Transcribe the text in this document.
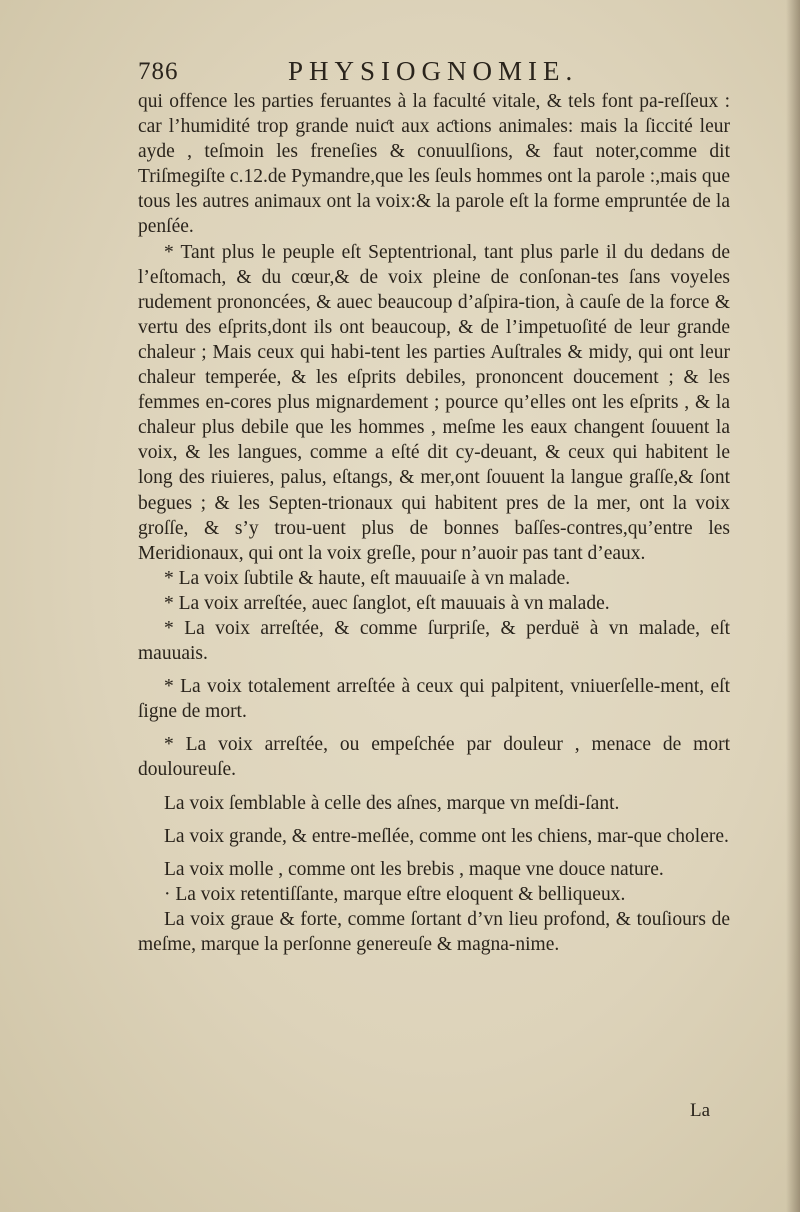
786	PHYSIOGNOMIE.

qui offence les parties feruantes à la faculté vitale, & tels font pa-reſſeux : car l’humidité trop grande nuiƈt aux aƈtions animales: mais la ſiccité leur ayde , teſmoin les freneſies & conuulſions, & faut noter,comme dit Triſmegiſte c.12.de Pymandre,que les ſeuls hommes ont la parole :,mais que tous les autres animaux ont la voix:& la parole eſt la forme empruntée de la penſée.

* Tant plus le peuple eſt Septentrional, tant plus parle il du dedans de l’eſtomach, & du cœur,& de voix pleine de conſonan-tes ſans voyeles rudement prononcées, & auec beaucoup d’aſpira-tion, à cauſe de la force & vertu des eſprits,dont ils ont beaucoup, & de l’impetuoſité de leur grande chaleur ; Mais ceux qui habi-tent les parties Auſtrales & midy, qui ont leur chaleur temperée, & les eſprits debiles, prononcent doucement ; & les femmes en-cores plus mignardement ; pource qu’elles ont les eſprits , & la chaleur plus debile que les hommes , meſme les eaux changent ſouuent la voix, & les langues, comme a eſté dit cy-deuant, & ceux qui habitent le long des riuieres, palus, eſtangs, & mer,ont ſouuent la langue graſſe,& ſont begues ; & les Septen-trionaux qui habitent pres de la mer, ont la voix groſſe, & s’y trou-uent plus de bonnes baſſes-contres,qu’entre les Meridionaux, qui ont la voix greſle, pour n’auoir pas tant d’eaux.

* La voix ſubtile & haute, eſt mauuaiſe à vn malade.

* La voix arreſtée, auec ſanglot, eſt mauuais à vn malade.

* La voix arreſtée, & comme ſurpriſe, & perduë à vn malade, eſt mauuais.

* La voix totalement arreſtée à ceux qui palpitent, vniuerſelle-ment, eſt ſigne de mort.

* La voix arreſtée, ou empeſchée par douleur , menace de mort douloureuſe.

La voix ſemblable à celle des aſnes, marque vn meſdi-ſant.

La voix grande, & entre-meſlée, comme ont les chiens, mar-que cholere.

La voix molle , comme ont les brebis , maque vne douce nature.

· La voix retentiſſante, marque eſtre eloquent & belliqueux.

La voix graue & forte, comme ſortant d’vn lieu profond, & touſiours de meſme, marque la perſonne genereuſe & magna-nime.

La
